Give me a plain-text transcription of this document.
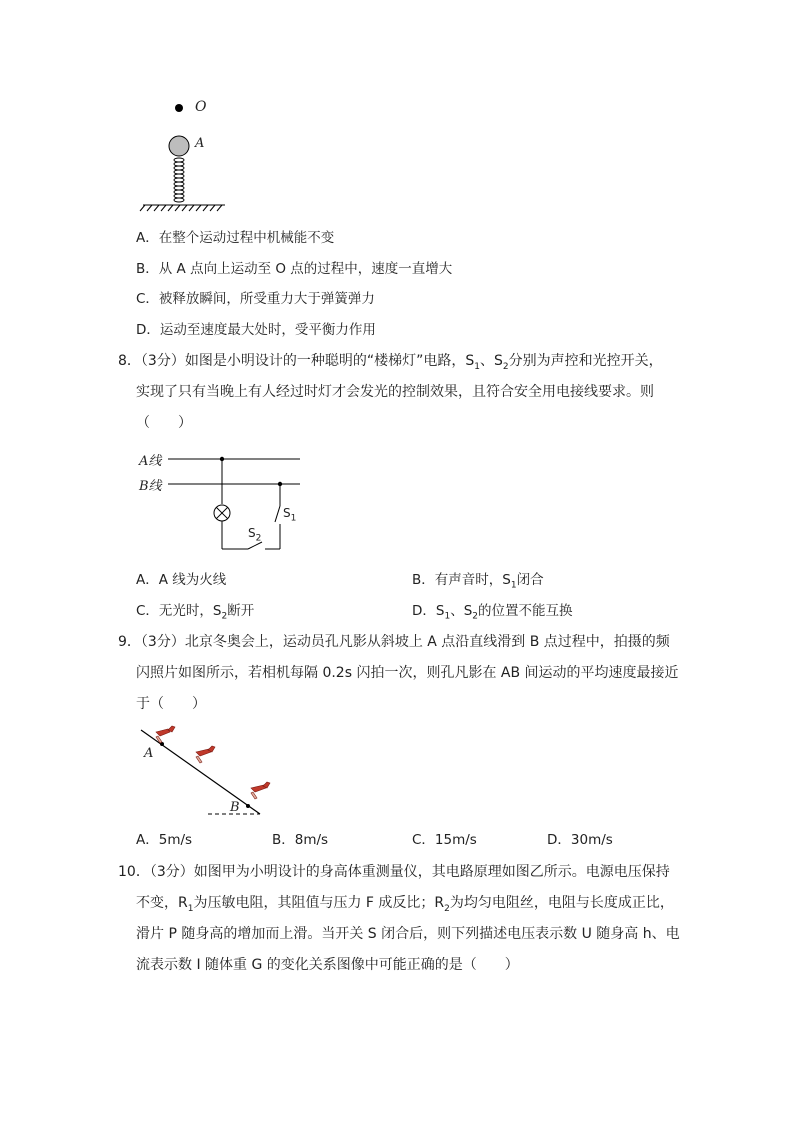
O
A
A．在整个运动过程中机械能不变
B．从 A 点向上运动至 O 点的过程中，速度一直增大
C．被释放瞬间，所受重力大于弹簧弹力
D．运动至速度最大处时，受平衡力作用
8．（3分）如图是小明设计的一种聪明的“楼梯灯”电路，$S_1$、$S_2$分别为声控和光控开关，
实现了只有当晚上有人经过时灯才会发光的控制效果，且符合安全用电接线要求。则
（　　）
A线
B线
$S_1$
$S_2$
A．A 线为火线	B．有声音时，$S_1$闭合
C．无光时，$S_2$断开	D．$S_1$、$S_2$的位置不能互换
9．（3分）北京冬奥会上，运动员孔凡影从斜坡上 A 点沿直线滑到 B 点过程中，拍摄的频
闪照片如图所示，若相机每隔 0.2s 闪拍一次，则孔凡影在 AB 间运动的平均速度最接近
于（　　）
A
B
A．5m/s	B．8m/s	C．15m/s	D．30m/s
10．（3分）如图甲为小明设计的身高体重测量仪，其电路原理如图乙所示。电源电压保持
不变，$R_1$为压敏电阻，其阻值与压力 F 成反比；$R_2$为均匀电阻丝，电阻与长度成正比，
滑片 P 随身高的增加而上滑。当开关 S 闭合后，则下列描述电压表示数 U 随身高 h、电
流表示数 I 随体重 G 的变化关系图像中可能正确的是（　　）
